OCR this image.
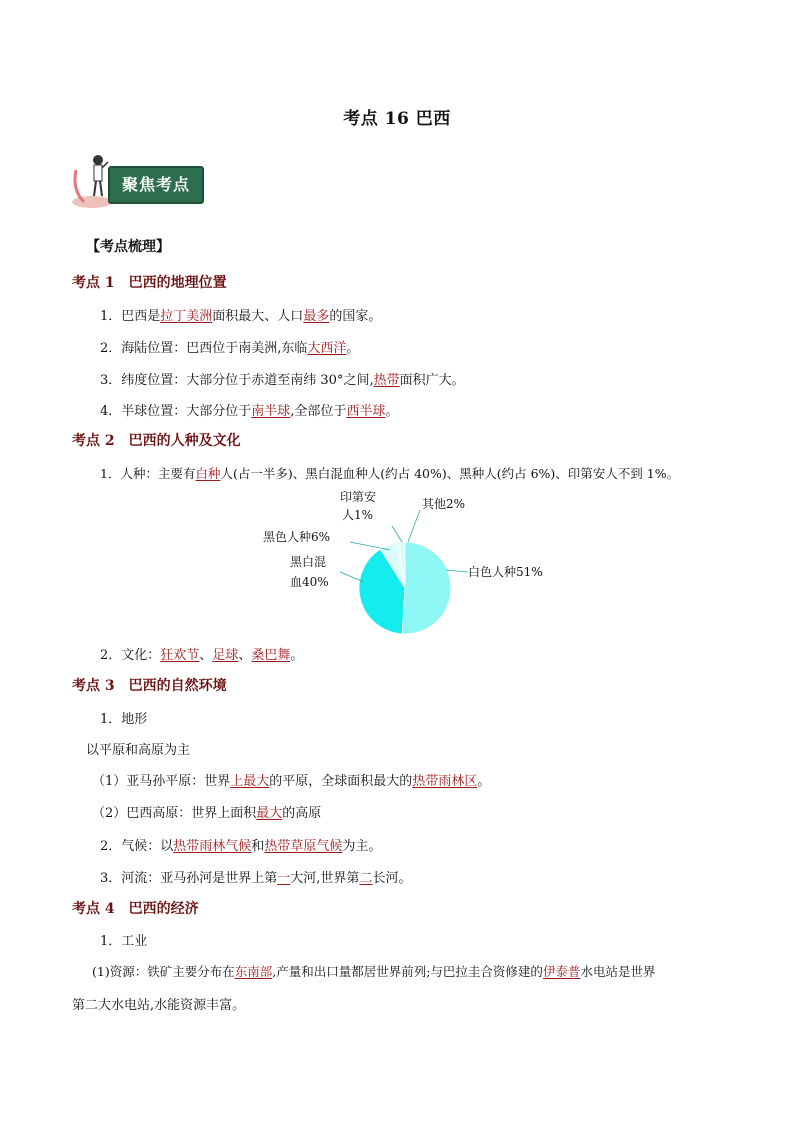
考点 16 巴西
聚焦考点
【考点梳理】
考点 1 巴西的地理位置
1．巴西是拉丁美洲面积最大、人口最多的国家。
2．海陆位置：巴西位于南美洲,东临大西洋。
3．纬度位置：大部分位于赤道至南纬 30°之间,热带面积广大。
4．半球位置：大部分位于南半球,全部位于西半球。
考点 2 巴西的人种及文化
1．人种：主要有白种人(占一半多)、黑白混血种人(约占 40%)、黑种人(约占 6%)、印第安人不到 1%。
白色人种51%
黑白混
血40%
黑色人种6%
印第安
人1%
其他2%
2．文化：狂欢节、足球、桑巴舞。
考点 3 巴西的自然环境
1．地形
以平原和高原为主
（1）亚马孙平原：世界上最大的平原，全球面积最大的热带雨林区。
（2）巴西高原：世界上面积最大的高原
2．气候：以热带雨林气候和热带草原气候为主。
3．河流：亚马孙河是世界上第一大河,世界第二长河。
考点 4 巴西的经济
1．工业
(1)资源：铁矿主要分布在东南部,产量和出口量都居世界前列;与巴拉圭合资修建的伊泰普水电站是世界
第二大水电站,水能资源丰富。
